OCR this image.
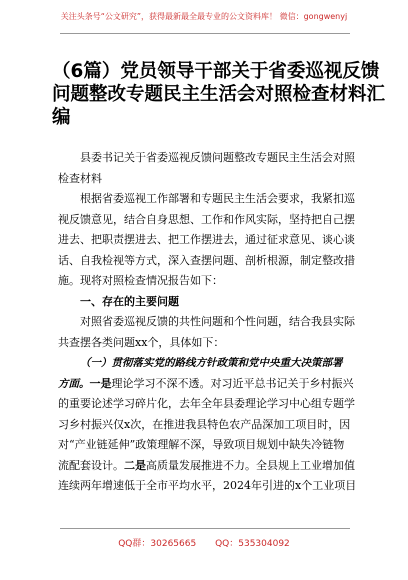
关注头条号“公文研究”，获得最新最全最专业的公文资料库！ 微信：gongwenyj
（6篇）党员领导干部关于省委巡视反馈
问题整改专题民主生活会对照检查材料汇
编
县委书记关于省委巡视反馈问题整改专题民主生活会对照
检查材料
根据省委巡视工作部署和专题民主生活会要求，我紧扣巡
视反馈意见，结合自身思想、工作和作风实际，坚持把自己摆
进去、把职责摆进去、把工作摆进去，通过征求意见、谈心谈
话、自我检视等方式，深入查摆问题、剖析根源，制定整改措
施。现将对照检查情况报告如下：
一、存在的主要问题
对照省委巡视反馈的共性问题和个性问题，结合我县实际
共查摆各类问题xx个，具体如下：
（一）贯彻落实党的路线方针政策和党中央重大决策部署
方面。一是理论学习不深不透。对习近平总书记关于乡村振兴
的重要论述学习碎片化，去年全年县委理论学习中心组专题学
习乡村振兴仅x次，在推进我县特色农产品深加工项目时，因
对“产业链延伸”政策理解不深，导致项目规划中缺失冷链物
流配套设计。二是高质量发展推进不力。全县规上工业增加值
连续两年增速低于全市平均水平，2024年引进的x个工业项目
QQ群：30265665 QQ：535304092
